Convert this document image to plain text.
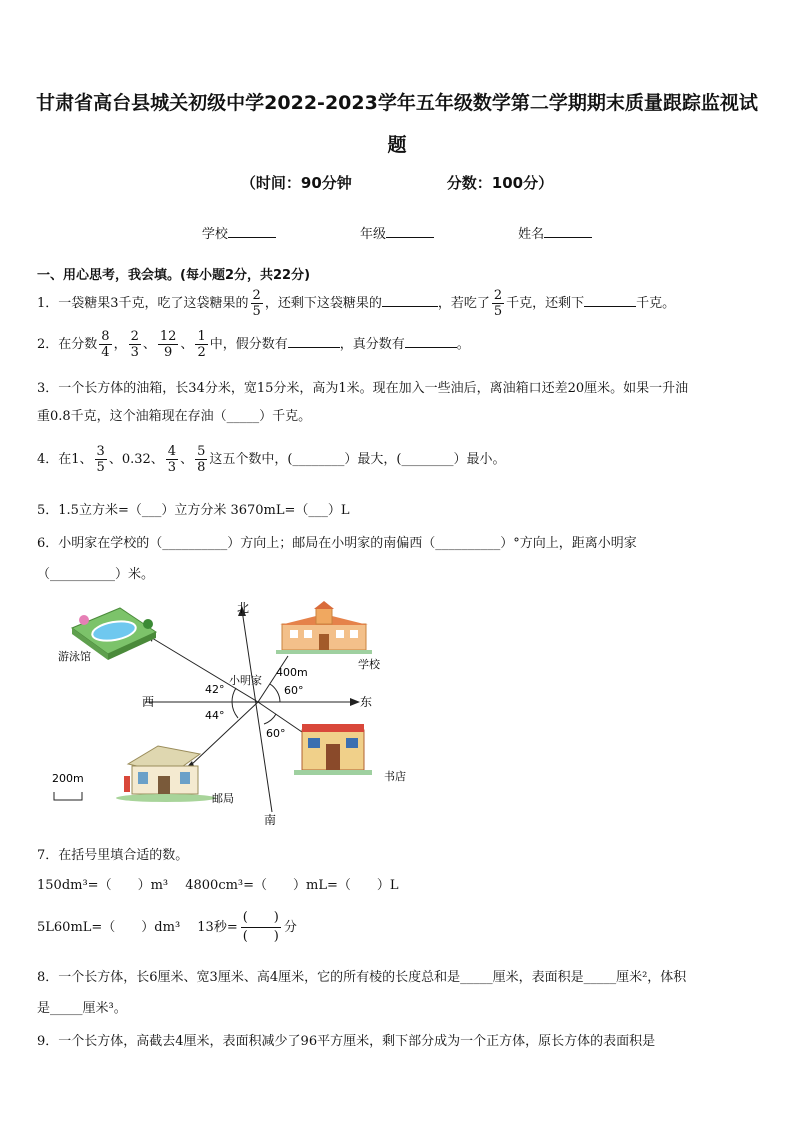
甘肃省高台县城关初级中学2022-2023学年五年级数学第二学期期末质量跟踪监视试
题
（时间：90分钟	分数：100分）
学校	年级	姓名
一、用心思考，我会填。(每小题2分，共22分)
1．一袋糖果3千克，吃了这袋糖果的 $\frac{2}{5}$ ，还剩下这袋糖果的	，若吃了 $\frac{2}{5}$ 千克，还剩下	千克。
2．在分数 $\frac{8}{4}$ ， $\frac{2}{3}$ 、 $\frac{12}{9}$ 、 $\frac{1}{2}$ 中，假分数有	，真分数有	。
3．一个长方体的油箱，长34分米，宽15分米，高为1米。现在加入一些油后，离油箱口还差20厘米。如果一升油
重0.8千克，这个油箱现在存油（_____）千克。
4．在1、 $\frac{3}{5}$ 、0.32、 $\frac{4}{3}$ 、 $\frac{5}{8}$ 这五个数中，(________）最大，(________）最小。
5．1.5立方米=（___）立方分米 3670mL=（___）L
6．小明家在学校的（__________）方向上；邮局在小明家的南偏西（__________）°方向上，距离小明家
（__________）米。
北
南
东
西
小明家
400m
42°
44°
60°
60°
游泳馆
学校
书店
邮局
200m
7．在括号里填合适的数。
150dm³=（　　）m³　 4800cm³=（　　）mL=（　　）L
5L60mL=（　　）dm³　 13秒=
(　　)
(　　)
分
8．一个长方体，长6厘米、宽3厘米、高4厘米，它的所有棱的长度总和是_____厘米，表面积是_____厘米²，体积
是_____厘米³。
9．一个长方体，高截去4厘米，表面积减少了96平方厘米，剩下部分成为一个正方体，原长方体的表面积是
